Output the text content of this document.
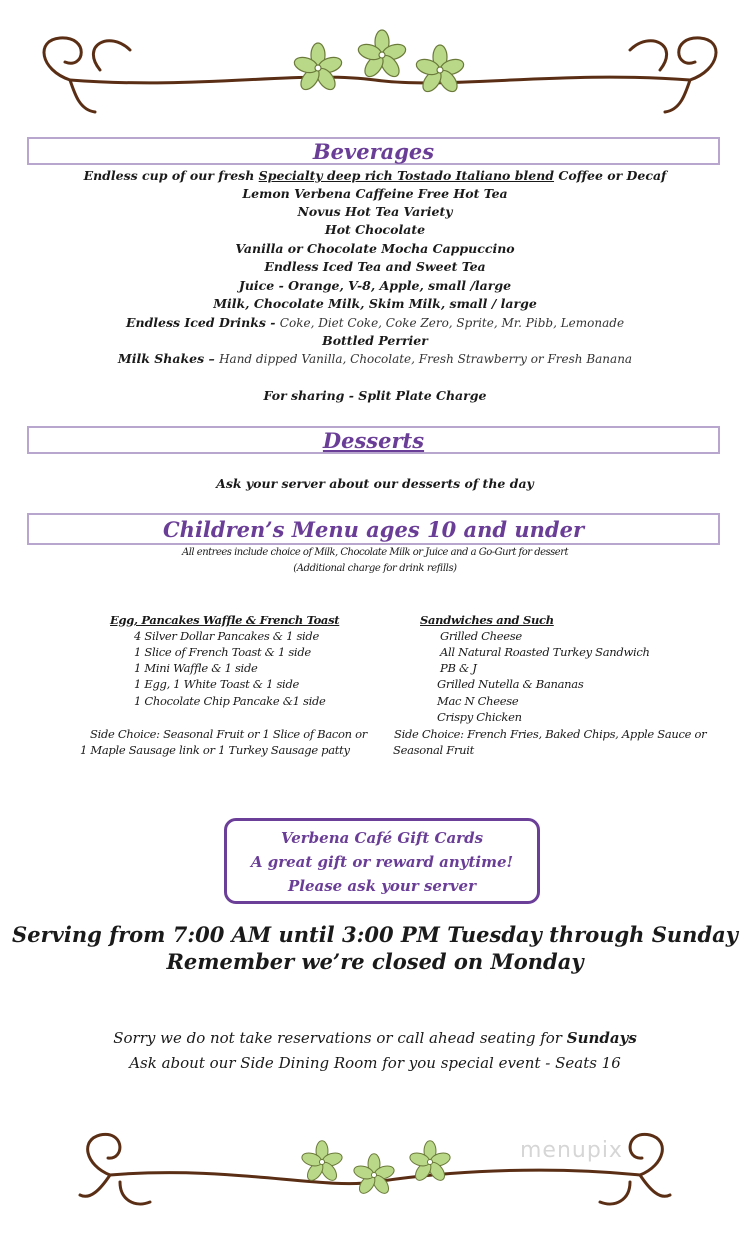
Beverages
Endless cup of our fresh Specialty deep rich Tostado Italiano blend Coffee or Decaf
Lemon Verbena Caffeine Free Hot Tea
Novus Hot Tea Variety
Hot Chocolate
Vanilla or Chocolate Mocha Cappuccino
Endless Iced Tea and Sweet Tea
Juice - Orange, V-8, Apple, small /large
Milk, Chocolate Milk, Skim Milk, small / large
Endless Iced Drinks - Coke, Diet Coke, Coke Zero, Sprite, Mr. Pibb, Lemonade
Bottled Perrier
Milk Shakes – Hand dipped Vanilla, Chocolate, Fresh Strawberry or Fresh Banana
For sharing - Split Plate Charge
Desserts
Ask your server about our desserts of the day
Children’s Menu ages 10 and under
All entrees include choice of Milk, Chocolate Milk or Juice and a Go-Gurt for dessert
(Additional charge for drink refills)
Egg, Pancakes Waffle & French Toast
4 Silver Dollar Pancakes & 1 side
1 Slice of French Toast & 1 side
1 Mini Waffle & 1 side
1 Egg, 1 White Toast & 1 side
1 Chocolate Chip Pancake &1 side
Side Choice: Seasonal Fruit or 1 Slice of Bacon or
1 Maple Sausage link or 1 Turkey Sausage patty
Sandwiches and Such
Grilled Cheese
All Natural Roasted Turkey Sandwich
PB & J
Grilled Nutella & Bananas
Mac N Cheese
Crispy Chicken
Side Choice: French Fries, Baked Chips, Apple Sauce or
Seasonal Fruit
Verbena Café Gift Cards
A great gift or reward anytime!
Please ask your server
Serving from 7:00 AM until 3:00 PM Tuesday through Sunday
Remember we’re closed on Monday
Sorry we do not take reservations or call ahead seating for Sundays
Ask about our Side Dining Room for you special event - Seats 16
menupix
